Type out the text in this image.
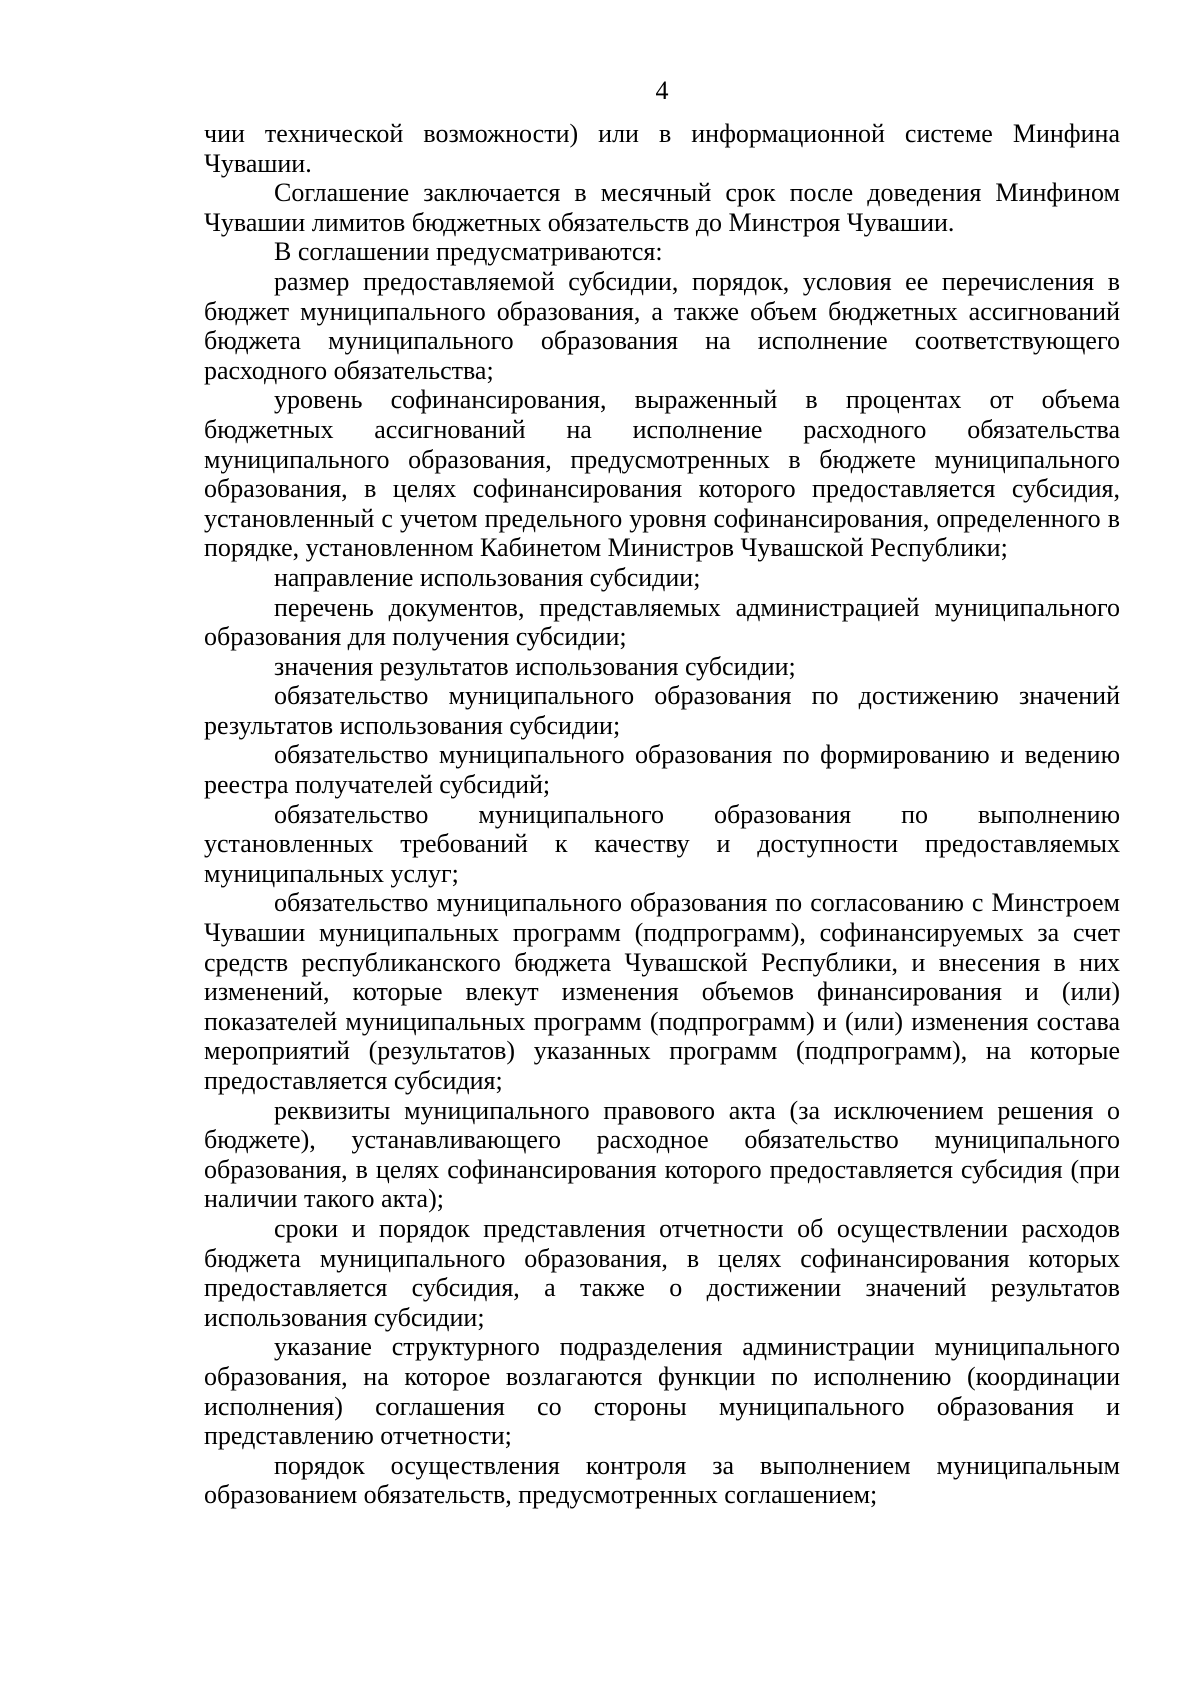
4

чии технической возможности) или в информационной системе Минфина Чувашии.

Соглашение заключается в месячный срок после доведения Минфином Чувашии лимитов бюджетных обязательств до Минстроя Чувашии.

В соглашении предусматриваются:

размер предоставляемой субсидии, порядок, условия ее перечисления в бюджет муниципального образования, а также объем бюджетных ассигнований бюджета муниципального образования на исполнение соответствующего расходного обязательства;

уровень софинансирования, выраженный в процентах от объема бюджетных ассигнований на исполнение расходного обязательства муниципального образования, предусмотренных в бюджете муниципального образования, в целях софинансирования которого предоставляется субсидия, установленный с учетом предельного уровня софинансирования, определенного в порядке, установленном Кабинетом Министров Чувашской Республики;

направление использования субсидии;

перечень документов, представляемых администрацией муниципального образования для получения субсидии;

значения результатов использования субсидии;

обязательство муниципального образования по достижению значений результатов использования субсидии;

обязательство муниципального образования по формированию и ведению реестра получателей субсидий;

обязательство муниципального образования по выполнению установленных требований к качеству и доступности предоставляемых муниципальных услуг;

обязательство муниципального образования по согласованию с Минстроем Чувашии муниципальных программ (подпрограмм), софинансируемых за счет средств республиканского бюджета Чувашской Республики, и внесения в них изменений, которые влекут изменения объемов финансирования и (или) показателей муниципальных программ (подпрограмм) и (или) изменения состава мероприятий (результатов) указанных программ (подпрограмм), на которые предоставляется субсидия;

реквизиты муниципального правового акта (за исключением решения о бюджете), устанавливающего расходное обязательство муниципального образования, в целях софинансирования которого предоставляется субсидия (при наличии такого акта);

сроки и порядок представления отчетности об осуществлении расходов бюджета муниципального образования, в целях софинансирования которых предоставляется субсидия, а также о достижении значений результатов использования субсидии;

указание структурного подразделения администрации муниципального образования, на которое возлагаются функции по исполнению (координации исполнения) соглашения со стороны муниципального образования и представлению отчетности;

порядок осуществления контроля за выполнением муниципальным образованием обязательств, предусмотренных соглашением;
